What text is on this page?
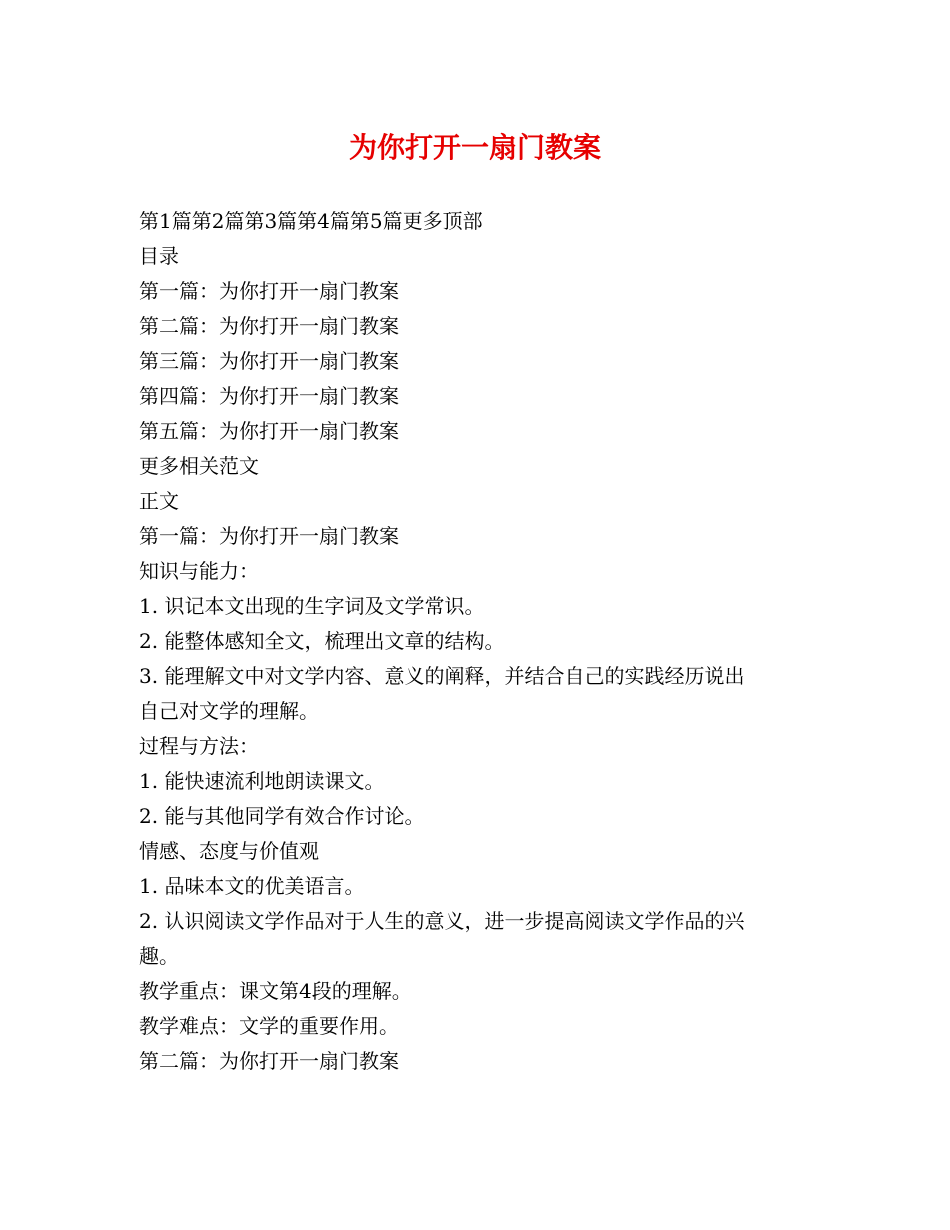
为你打开一扇门教案
第1篇第2篇第3篇第4篇第5篇更多顶部
目录
第一篇：为你打开一扇门教案
第二篇：为你打开一扇门教案
第三篇：为你打开一扇门教案
第四篇：为你打开一扇门教案
第五篇：为你打开一扇门教案
更多相关范文
正文
第一篇：为你打开一扇门教案
知识与能力：
1. 识记本文出现的生字词及文学常识。
2. 能整体感知全文，梳理出文章的结构。
3. 能理解文中对文学内容、意义的阐释，并结合自己的实践经历说出
自己对文学的理解。
过程与方法：
1. 能快速流利地朗读课文。
2. 能与其他同学有效合作讨论。
情感、态度与价值观
1. 品味本文的优美语言。
2. 认识阅读文学作品对于人生的意义，进一步提高阅读文学作品的兴
趣。
教学重点：课文第4段的理解。
教学难点：文学的重要作用。
第二篇：为你打开一扇门教案
